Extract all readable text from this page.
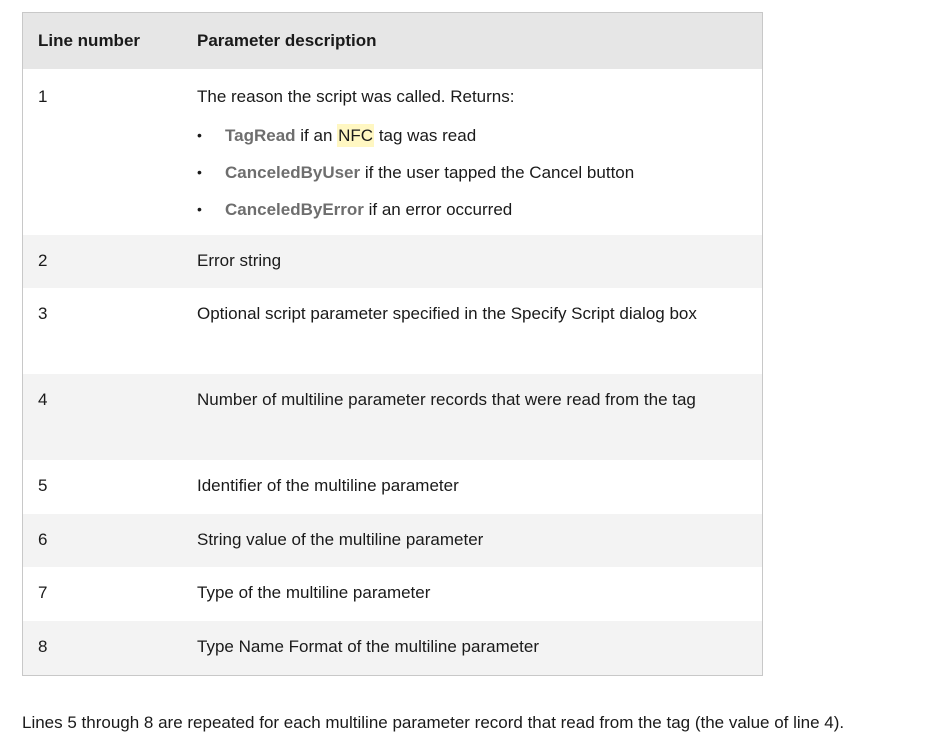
Line number	Parameter description
1	The reason the script was called. Returns:
• TagRead if an NFC tag was read
• CanceledByUser if the user tapped the Cancel button
• CanceledByError if an error occurred
2	Error string
3	Optional script parameter specified in the Specify Script dialog box
4	Number of multiline parameter records that were read from the tag
5	Identifier of the multiline parameter
6	String value of the multiline parameter
7	Type of the multiline parameter
8	Type Name Format of the multiline parameter
Lines 5 through 8 are repeated for each multiline parameter record that read from the tag (the value of line 4).
